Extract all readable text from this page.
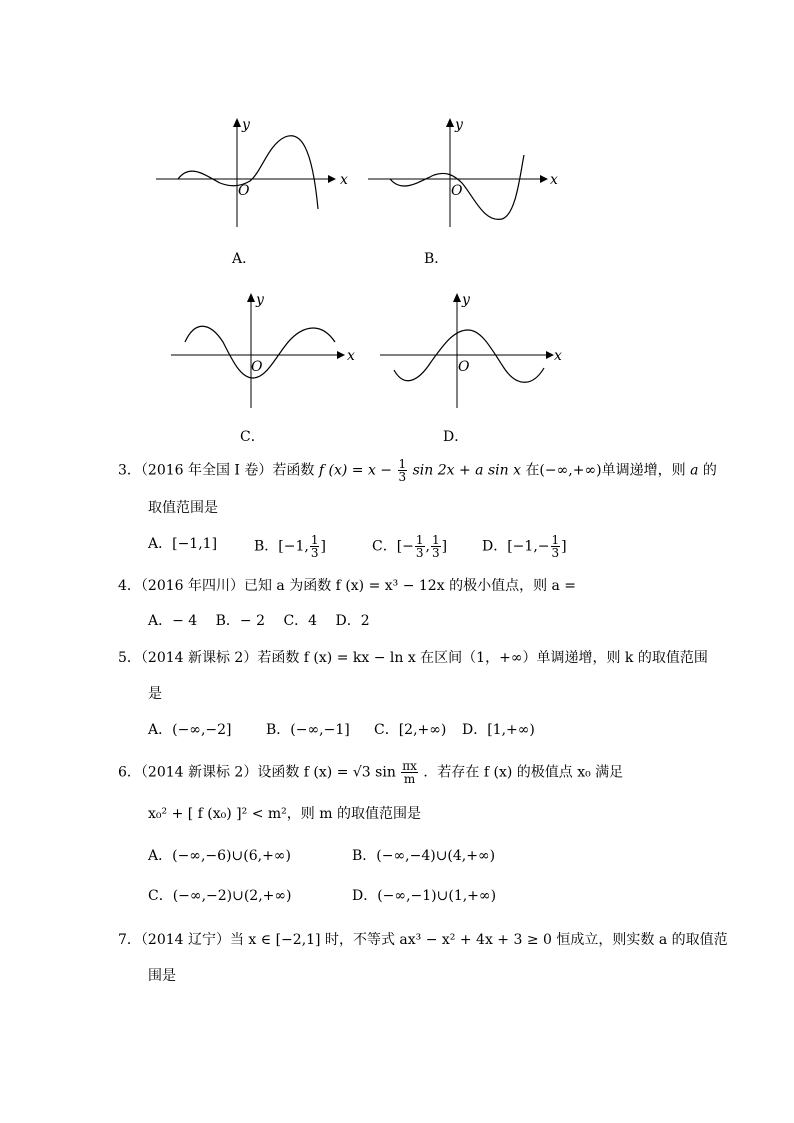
x
y
O
A．
x
y
O
B．
x
y
O
C．
x
y
O
D．
3．（2016 年全国 I 卷）若函数 f $(x) = x - \frac{1}{3}$ sin 2x + a sin x 在(−∞,+∞)单调递增，则 a 的
取值范围是
A．[−1,1]	B．[−1, $\frac{1}{3}$ ]	C．[− $\frac{1}{3}$ , $\frac{1}{3}$ ] D．[$-1,- \frac{1}{3}$ ]
4．（2016 年四川）已知 a 为函数 f (x) = x³ − 12x 的极小值点，则 a =
A．− 4　 B．− 2　 C．4　 D．2
5．（2014 新课标 2）若函数 f (x) = kx − ln x 在区间（1，+∞）单调递增，则 k 的取值范围
是
A．(−∞,−2] B．(−∞,−1] C．[2,+∞) D．[1,+∞)
6．（2014 新课标 2）设函数 f (x) = √3 $\sin \frac{\pi x}{m}$ ．若存在 f (x) 的极值点 x₀ 满足
x₀² + [ f (x₀) ]² < m²，则 m 的取值范围是
A．(−∞,−6)∪(6,+∞)	B．(−∞,−4)∪(4,+∞)
C．(−∞,−2)∪(2,+∞)	D．(−∞,−1)∪(1,+∞)
7．（2014 辽宁）当 x ∈ [−2,1] 时，不等式 ax³ − x² + 4x + 3 ≥ 0 恒成立，则实数 a 的取值范
围是
